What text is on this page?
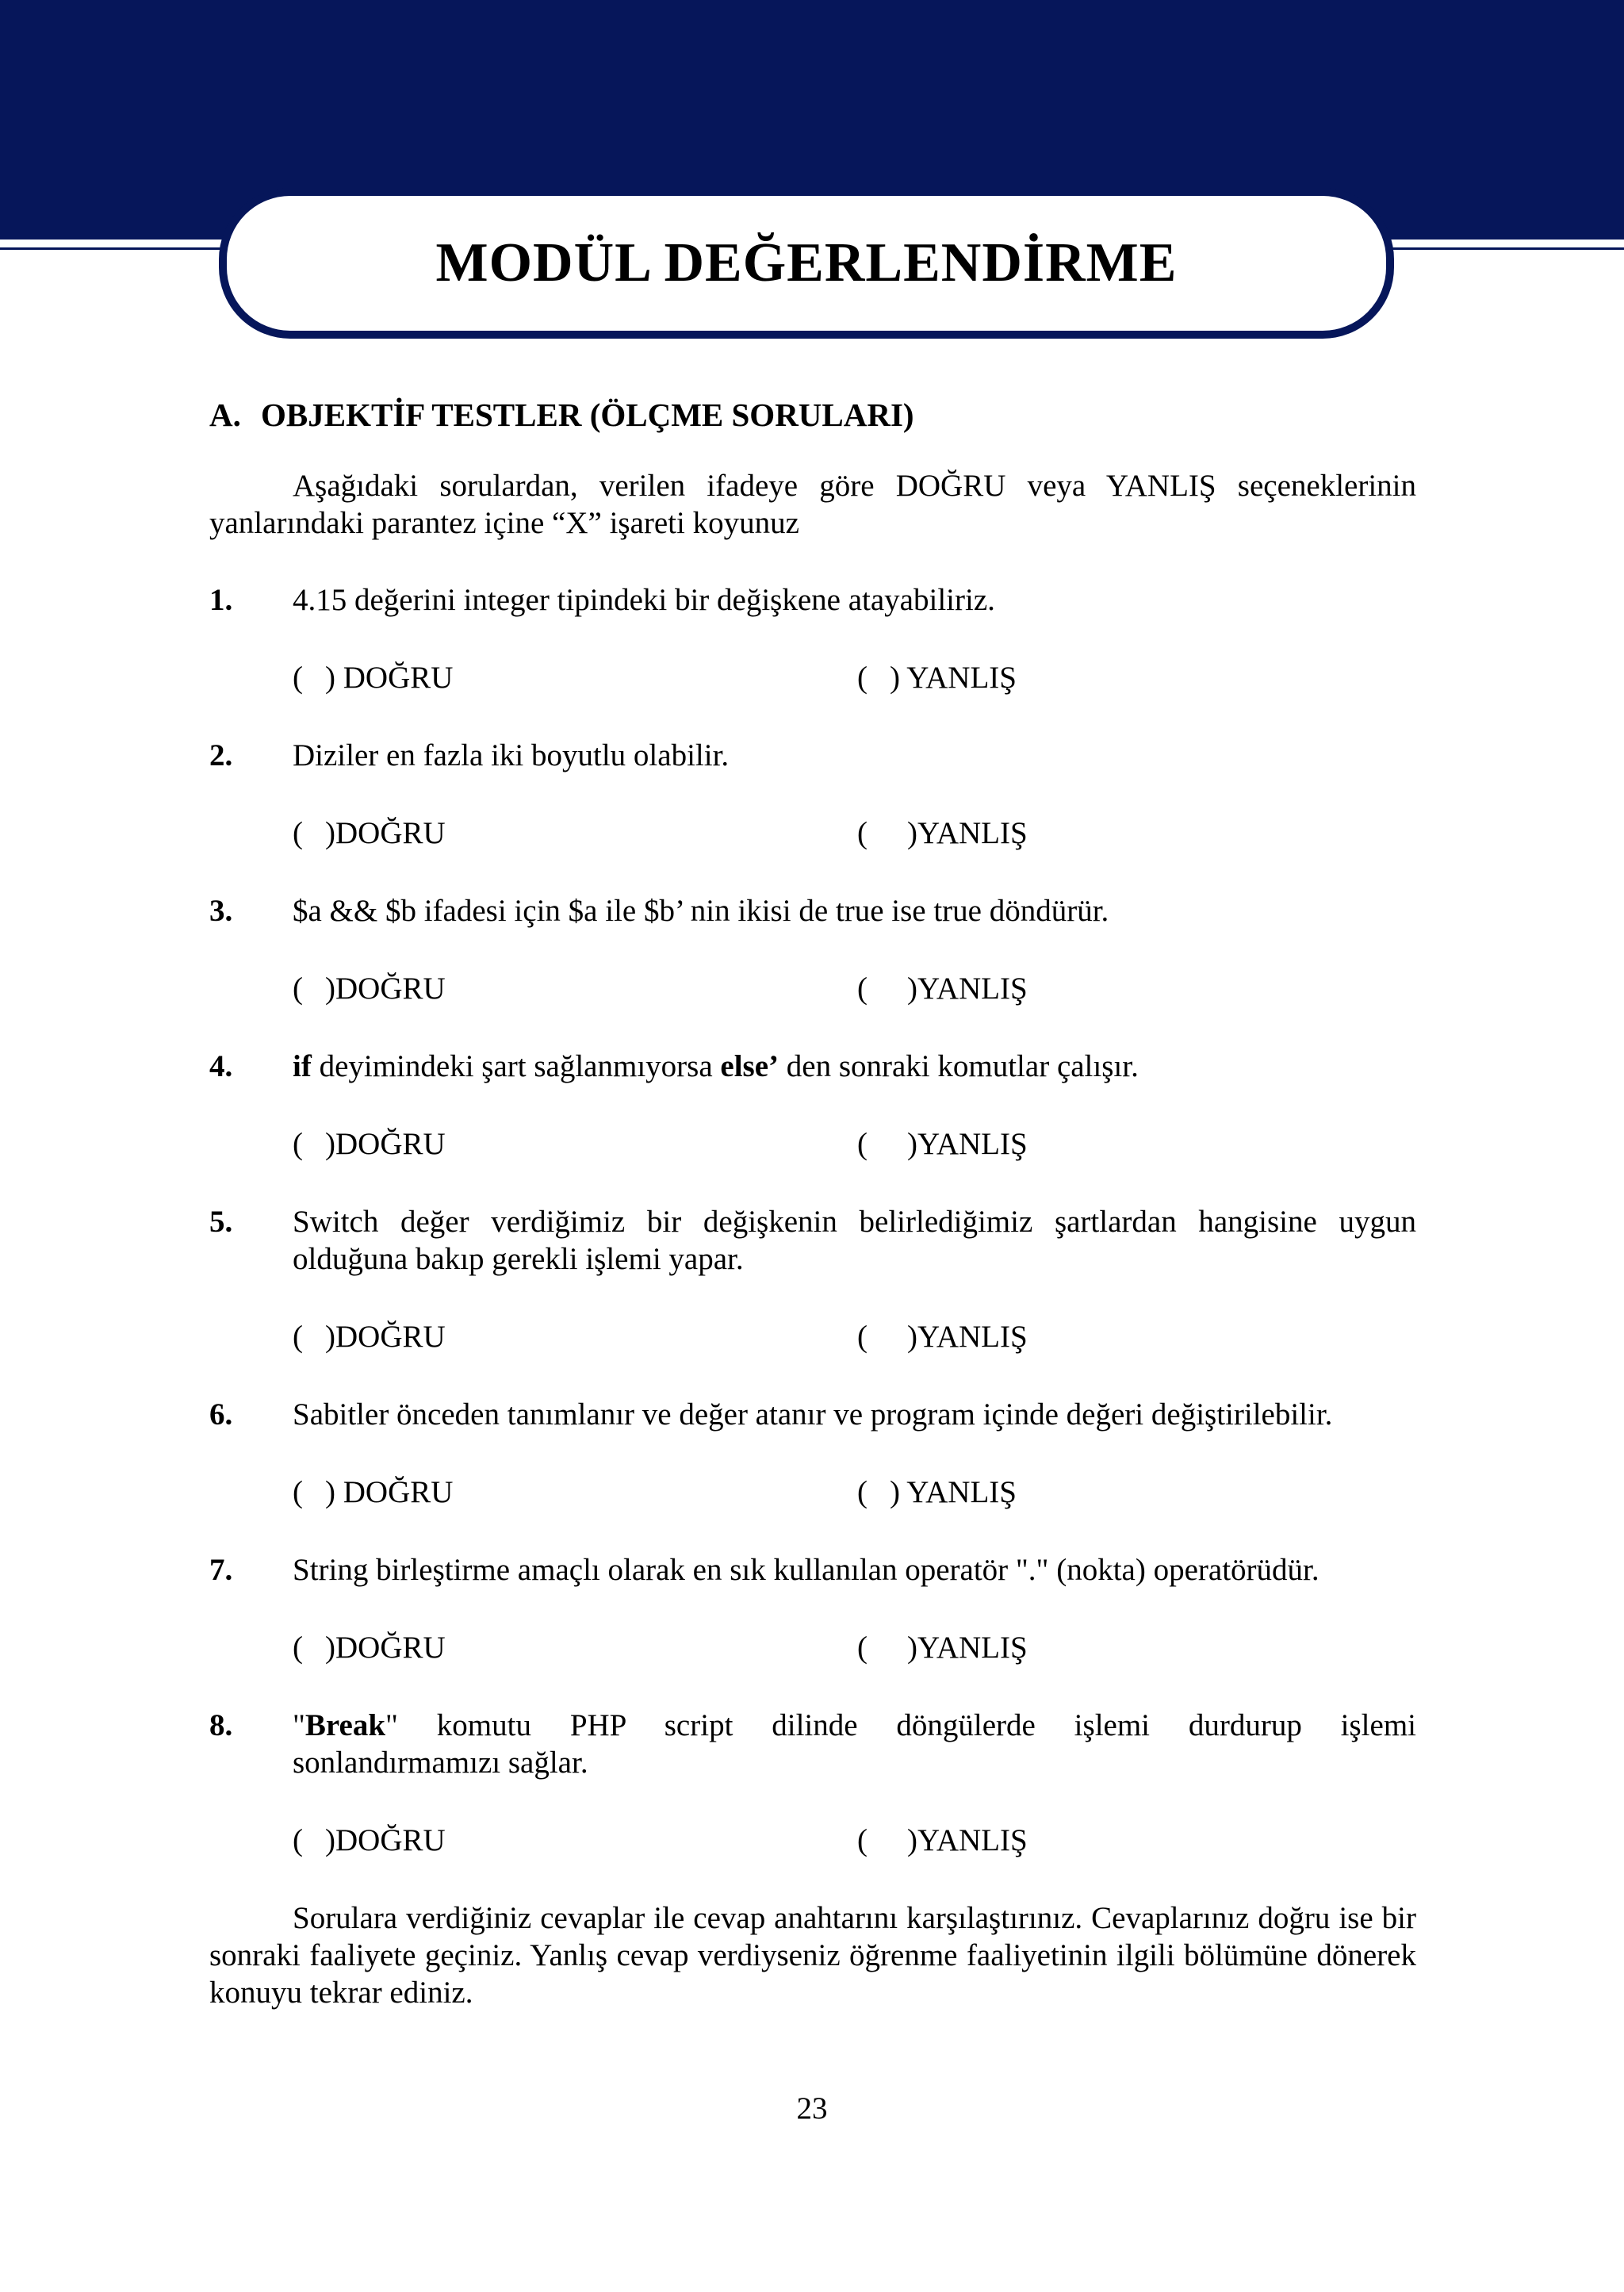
MODÜL DEĞERLENDİRME
A. OBJEKTİF TESTLER (ÖLÇME SORULARI)

Aşağıdaki sorulardan, verilen ifadeye göre DOĞRU veya YANLIŞ seçeneklerinin yanlarındaki parantez içine “X” işareti koyunuz

1.	4.15 değerini integer tipindeki bir değişkene atayabiliriz.
( ) DOĞRU	( ) YANLIŞ
2.	Diziler en fazla iki boyutlu olabilir.
( )DOĞRU	( )YANLIŞ
3.	$a && $b ifadesi için $a ile $b’ nin ikisi de true ise true döndürür.
( )DOĞRU	( )YANLIŞ
4.	if deyimindeki şart sağlanmıyorsa else’ den sonraki komutlar çalışır.
( )DOĞRU	( )YANLIŞ
5.	Switch değer verdiğimiz bir değişkenin belirlediğimiz şartlardan hangisine uygun
olduğuna bakıp gerekli işlemi yapar.
( )DOĞRU	( )YANLIŞ
6.	Sabitler önceden tanımlanır ve değer atanır ve program içinde değeri değiştirilebilir.
( ) DOĞRU	( ) YANLIŞ
7.	String birleştirme amaçlı olarak en sık kullanılan operatör "." (nokta) operatörüdür.
( )DOĞRU	( )YANLIŞ
8.	"Break" komutu PHP script dilinde döngülerde işlemi durdurup işlemi
sonlandırmamızı sağlar.
( )DOĞRU	( )YANLIŞ

Sorulara verdiğiniz cevaplar ile cevap anahtarını karşılaştırınız. Cevaplarınız doğru ise bir sonraki faaliyete geçiniz. Yanlış cevap verdiyseniz öğrenme faaliyetinin ilgili bölümüne dönerek konuyu tekrar ediniz.

23
